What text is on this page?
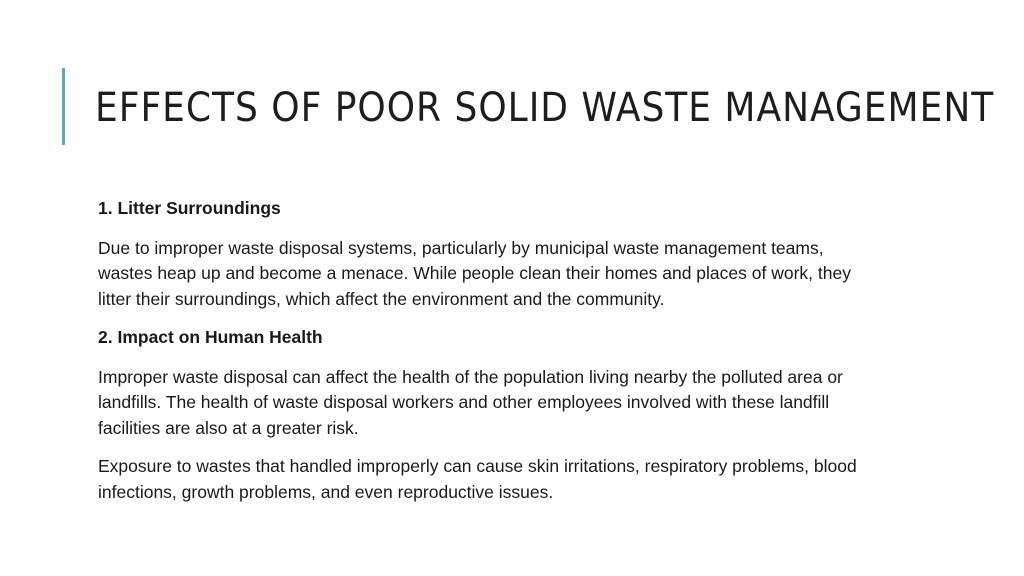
EFFECTS OF POOR SOLID WASTE MANAGEMENT

1. Litter Surroundings

Due to improper waste disposal systems, particularly by municipal waste management teams, wastes heap up and become a menace. While people clean their homes and places of work, they litter their surroundings, which affect the environment and the community.

2. Impact on Human Health

Improper waste disposal can affect the health of the population living nearby the polluted area or landfills. The health of waste disposal workers and other employees involved with these landfill facilities are also at a greater risk.

Exposure to wastes that handled improperly can cause skin irritations, respiratory problems, blood infections, growth problems, and even reproductive issues.
